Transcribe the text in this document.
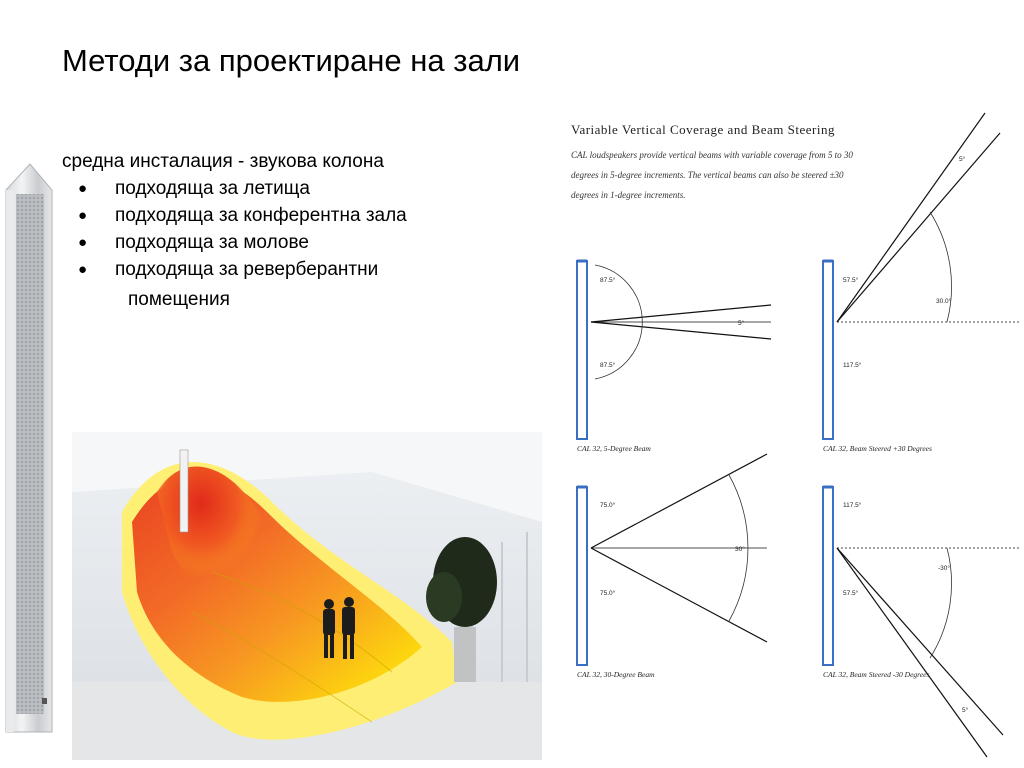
Методи за проектиране на зали
средна инсталация - звукова колона
●	подходяща за летища
●	подходяща за конферентна зала
●	подходяща за молове
●	подходяща за реверберантни
помещения
Variable Vertical Coverage and Beam Steering
CAL loudspeakers provide vertical beams with variable coverage from 5 to 30
degrees in 5-degree increments. The vertical beams can also be steered ±30
degrees in 1-degree increments.
87.5°
87.5°
5°
CAL 32, 5-Degree Beam
57.5°
117.5°
30.0°
5°
CAL 32, Beam Steered +30 Degrees
75.0°
75.0°
30°
CAL 32, 30-Degree Beam
117.5°
57.5°
-30°
5°
CAL 32, Beam Steered -30 Degrees
